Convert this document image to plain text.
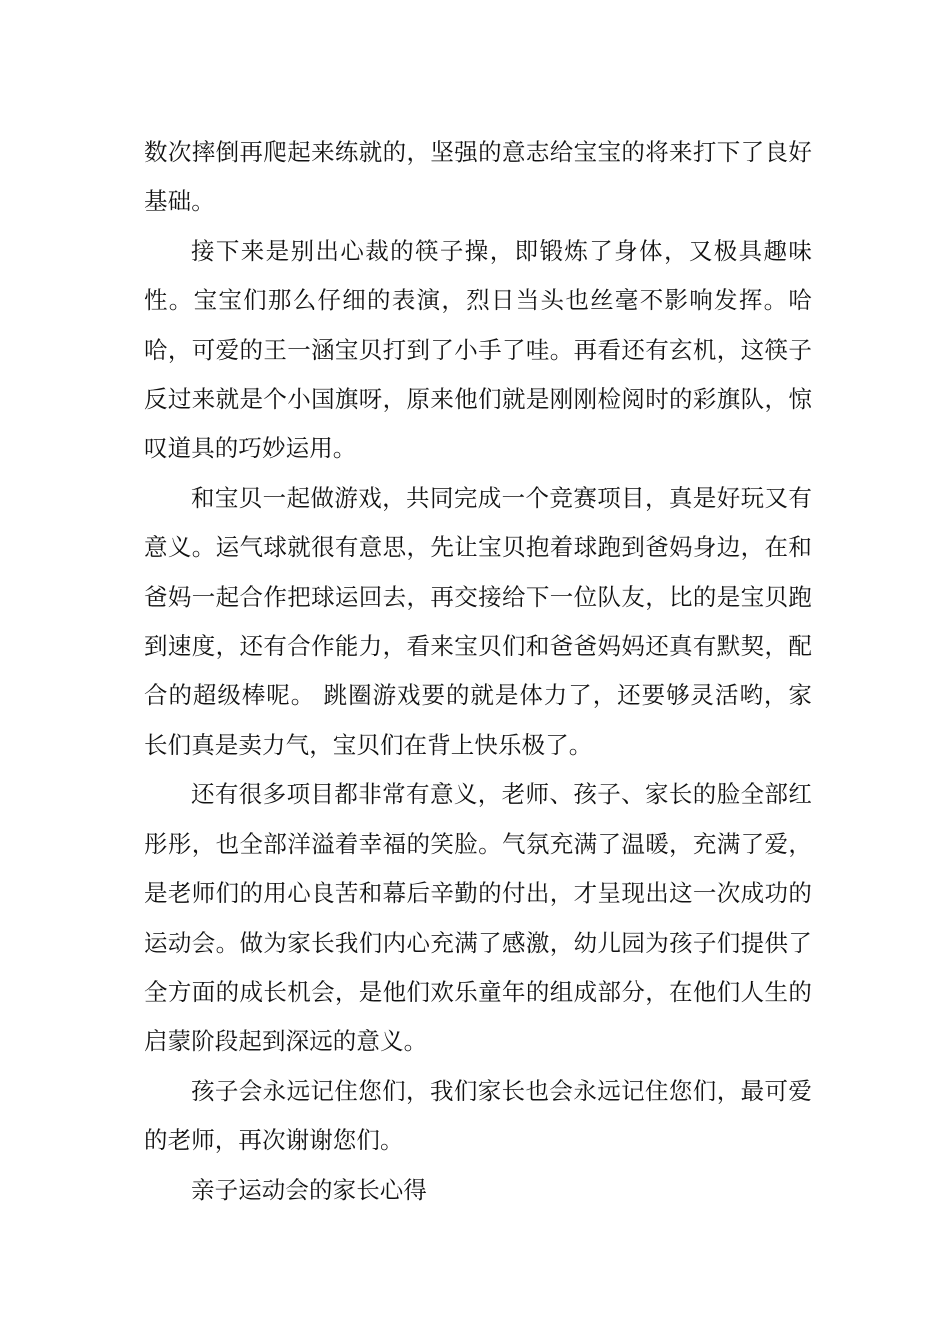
数次摔倒再爬起来练就的，坚强的意志给宝宝的将来打下了良好基础。

接下来是别出心裁的筷子操，即锻炼了身体，又极具趣味性。宝宝们那么仔细的表演，烈日当头也丝毫不影响发挥。哈哈，可爱的王一涵宝贝打到了小手了哇。再看还有玄机，这筷子反过来就是个小国旗呀，原来他们就是刚刚检阅时的彩旗队，惊叹道具的巧妙运用。

和宝贝一起做游戏，共同完成一个竞赛项目，真是好玩又有意义。运气球就很有意思，先让宝贝抱着球跑到爸妈身边，在和爸妈一起合作把球运回去，再交接给下一位队友，比的是宝贝跑到速度，还有合作能力，看来宝贝们和爸爸妈妈还真有默契，配合的超级棒呢。 跳圈游戏要的就是体力了，还要够灵活哟，家长们真是卖力气，宝贝们在背上快乐极了。

还有很多项目都非常有意义，老师、孩子、家长的脸全部红彤彤，也全部洋溢着幸福的笑脸。气氛充满了温暖，充满了爱，是老师们的用心良苦和幕后辛勤的付出，才呈现出这一次成功的运动会。做为家长我们内心充满了感激，幼儿园为孩子们提供了全方面的成长机会，是他们欢乐童年的组成部分，在他们人生的启蒙阶段起到深远的意义。

孩子会永远记住您们，我们家长也会永远记住您们，最可爱的老师，再次谢谢您们。

亲子运动会的家长心得
